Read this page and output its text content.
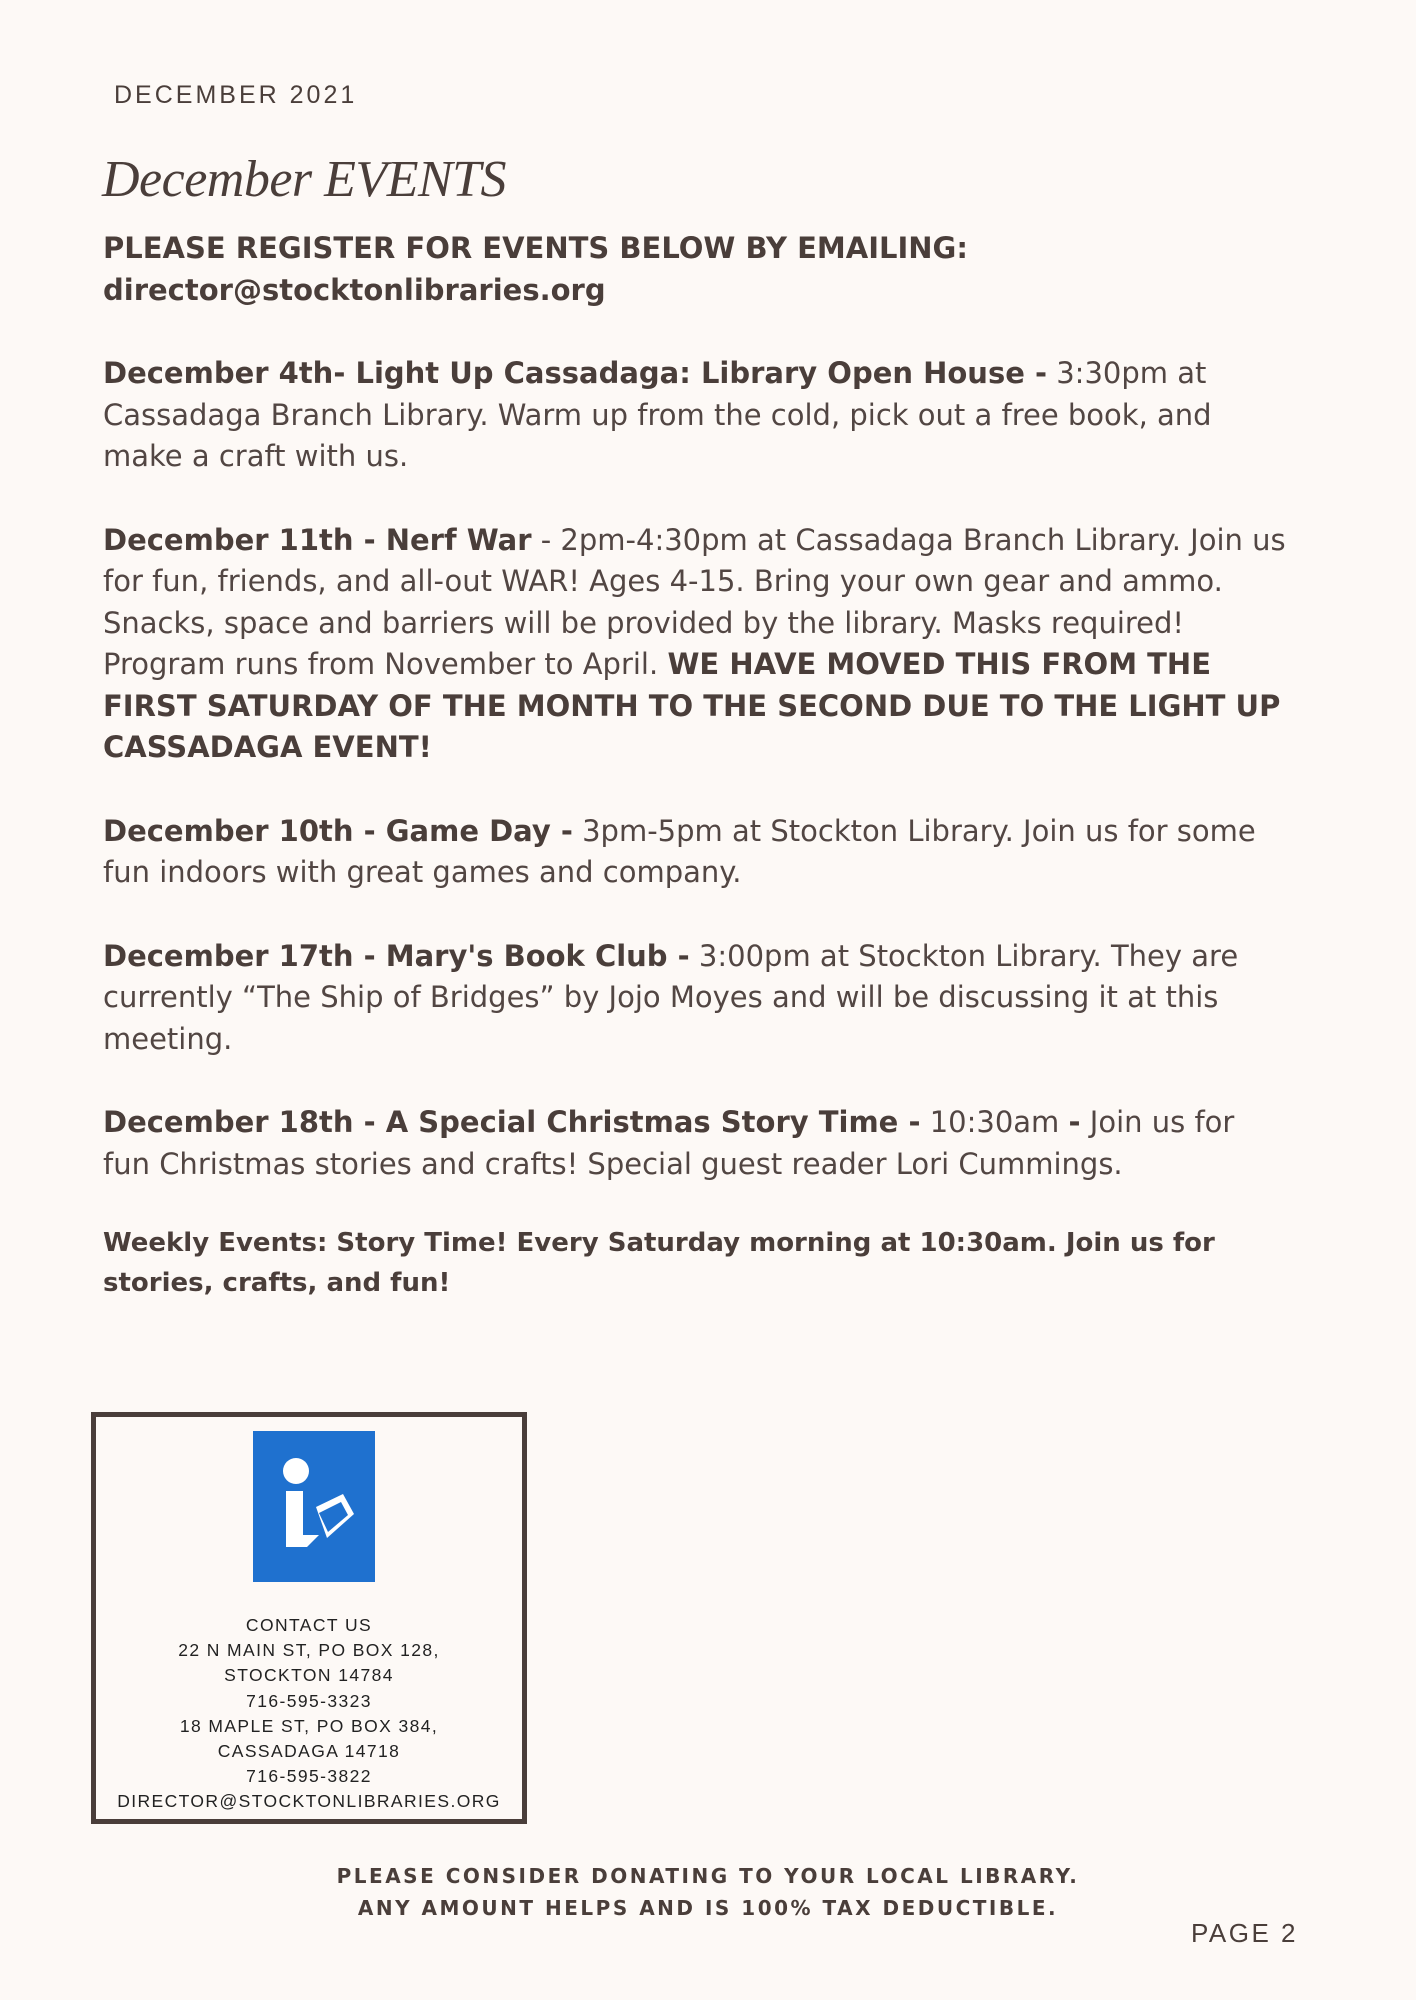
DECEMBER 2021
December EVENTS
PLEASE REGISTER FOR EVENTS BELOW BY EMAILING:
director@stocktonlibraries.org
December 4th- Light Up Cassadaga: Library Open House - 3:30pm at Cassadaga Branch Library. Warm up from the cold, pick out a free book, and make a craft with us.
December 11th - Nerf War - 2pm-4:30pm at Cassadaga Branch Library. Join us for fun, friends, and all-out WAR! Ages 4-15. Bring your own gear and ammo. Snacks, space and barriers will be provided by the library. Masks required! Program runs from November to April. WE HAVE MOVED THIS FROM THE FIRST SATURDAY OF THE MONTH TO THE SECOND DUE TO THE LIGHT UP CASSADAGA EVENT!
December 10th - Game Day - 3pm-5pm at Stockton Library. Join us for some fun indoors with great games and company.
December 17th - Mary's Book Club - 3:00pm at Stockton Library. They are currently “The Ship of Bridges” by Jojo Moyes and will be discussing it at this meeting.
December 18th - A Special Christmas Story Time - 10:30am - Join us for fun Christmas stories and crafts! Special guest reader Lori Cummings.
Weekly Events: Story Time! Every Saturday morning at 10:30am. Join us for stories, crafts, and fun!
CONTACT US
22 N MAIN ST, PO BOX 128,
STOCKTON 14784
716-595-3323
18 MAPLE ST, PO BOX 384,
CASSADAGA 14718
716-595-3822
DIRECTOR@STOCKTONLIBRARIES.ORG
PLEASE CONSIDER DONATING TO YOUR LOCAL LIBRARY.
ANY AMOUNT HELPS AND IS 100% TAX DEDUCTIBLE.
PAGE 2
